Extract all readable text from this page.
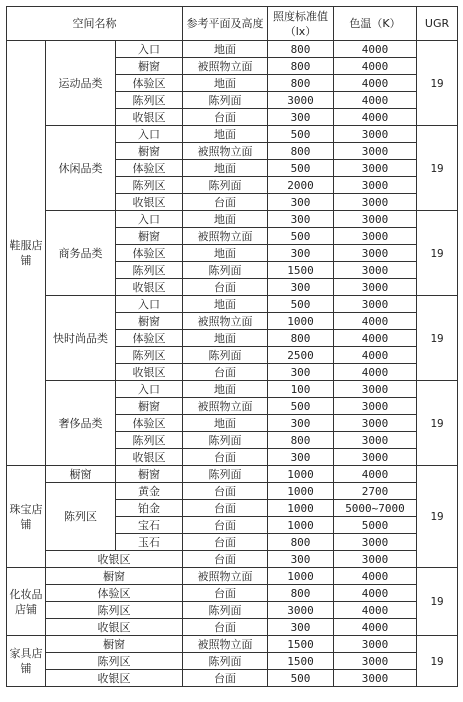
空间名称			参考平面及高度	照度标准值（lx）	色温（K）	UGR
鞋服店铺	运动品类	入口	地面	800	4000	19
		橱窗	被照物立面	800	4000	
		体验区	地面	800	4000	
		陈列区	陈列面	3000	4000	
		收银区	台面	300	4000	
	休闲品类	入口	地面	500	3000	19
		橱窗	被照物立面	800	3000	
		体验区	地面	500	3000	
		陈列区	陈列面	2000	3000	
		收银区	台面	300	3000	
	商务品类	入口	地面	300	3000	19
		橱窗	被照物立面	500	3000	
		体验区	地面	300	3000	
		陈列区	陈列面	1500	3000	
		收银区	台面	300	3000	
	快时尚品类	入口	地面	500	3000	19
		橱窗	被照物立面	1000	4000	
		体验区	地面	800	4000	
		陈列区	陈列面	2500	4000	
		收银区	台面	300	4000	
	奢侈品类	入口	地面	100	3000	19
		橱窗	被照物立面	500	3000	
		体验区	地面	300	3000	
		陈列区	陈列面	800	3000	
		收银区	台面	300	3000	
珠宝店铺	橱窗	橱窗	陈列面	1000	4000	19
	陈列区	黄金	台面	1000	2700	
		铂金	台面	1000	5000~7000	
		宝石	台面	1000	5000	
		玉石	台面	800	3000	
	收银区		台面	300	3000	
化妆品店铺	橱窗		被照物立面	1000	4000	19
	体验区		台面	800	4000	
	陈列区		陈列面	3000	4000	
	收银区		台面	300	4000	
家具店铺	橱窗		被照物立面	1500	3000	19
	陈列区		陈列面	1500	3000	
	收银区		台面	500	3000	
